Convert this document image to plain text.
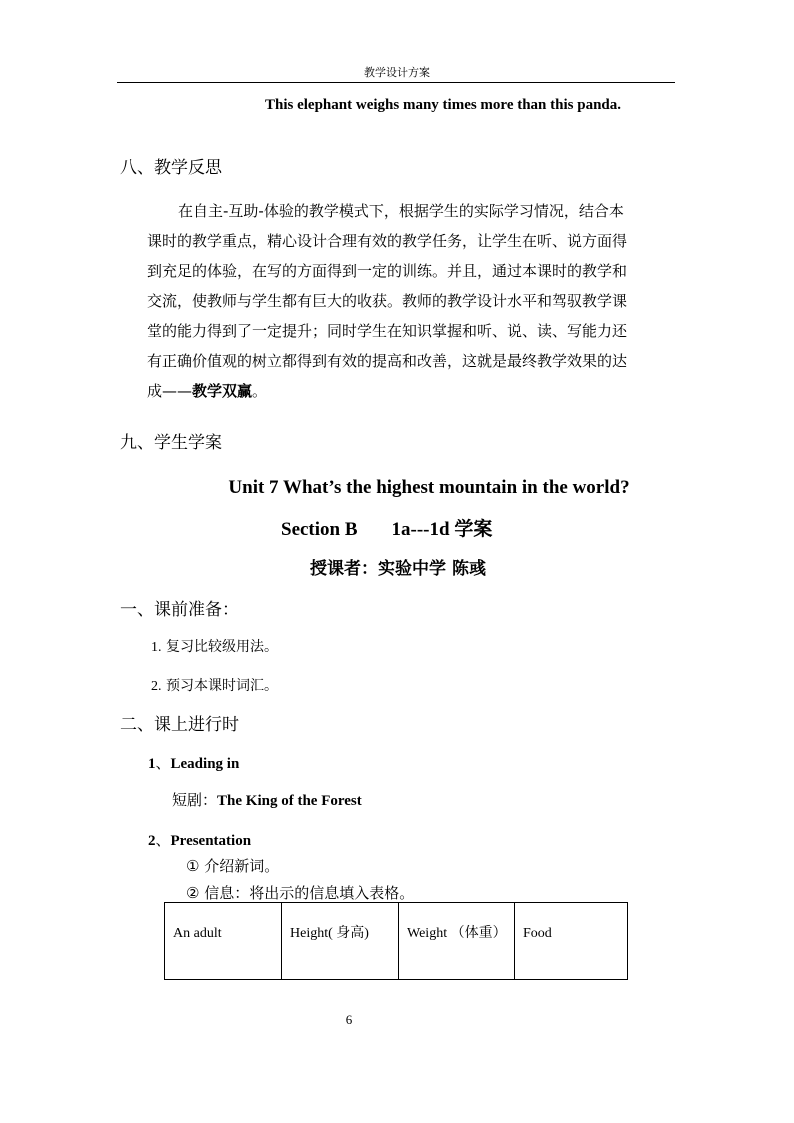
教学设计方案
This elephant weighs many times more than this panda.
八、教学反思
在自主-互助-体验的教学模式下，根据学生的实际学习情况，结合本
课时的教学重点，精心设计合理有效的教学任务，让学生在听、说方面得
到充足的体验，在写的方面得到一定的训练。并且，通过本课时的教学和
交流，使教师与学生都有巨大的收获。教师的教学设计水平和驾驭教学课
堂的能力得到了一定提升；同时学生在知识掌握和听、说、读、写能力还
有正确价值观的树立都得到有效的提高和改善，这就是最终教学效果的达
成——教学双赢。
九、学生学案
Unit 7 What’s the highest mountain in the world?
Section B 1a---1d 学案
授课者：实验中学 陈彧
一、课前准备：
1. 复习比较级用法。
2. 预习本课时词汇。
二、课上进行时
1、Leading in
短剧：The King of the Forest
2、Presentation
① 介绍新词。
② 信息：将出示的信息填入表格。
An adult	Height( 身高)	Weight （体重）	Food
6
